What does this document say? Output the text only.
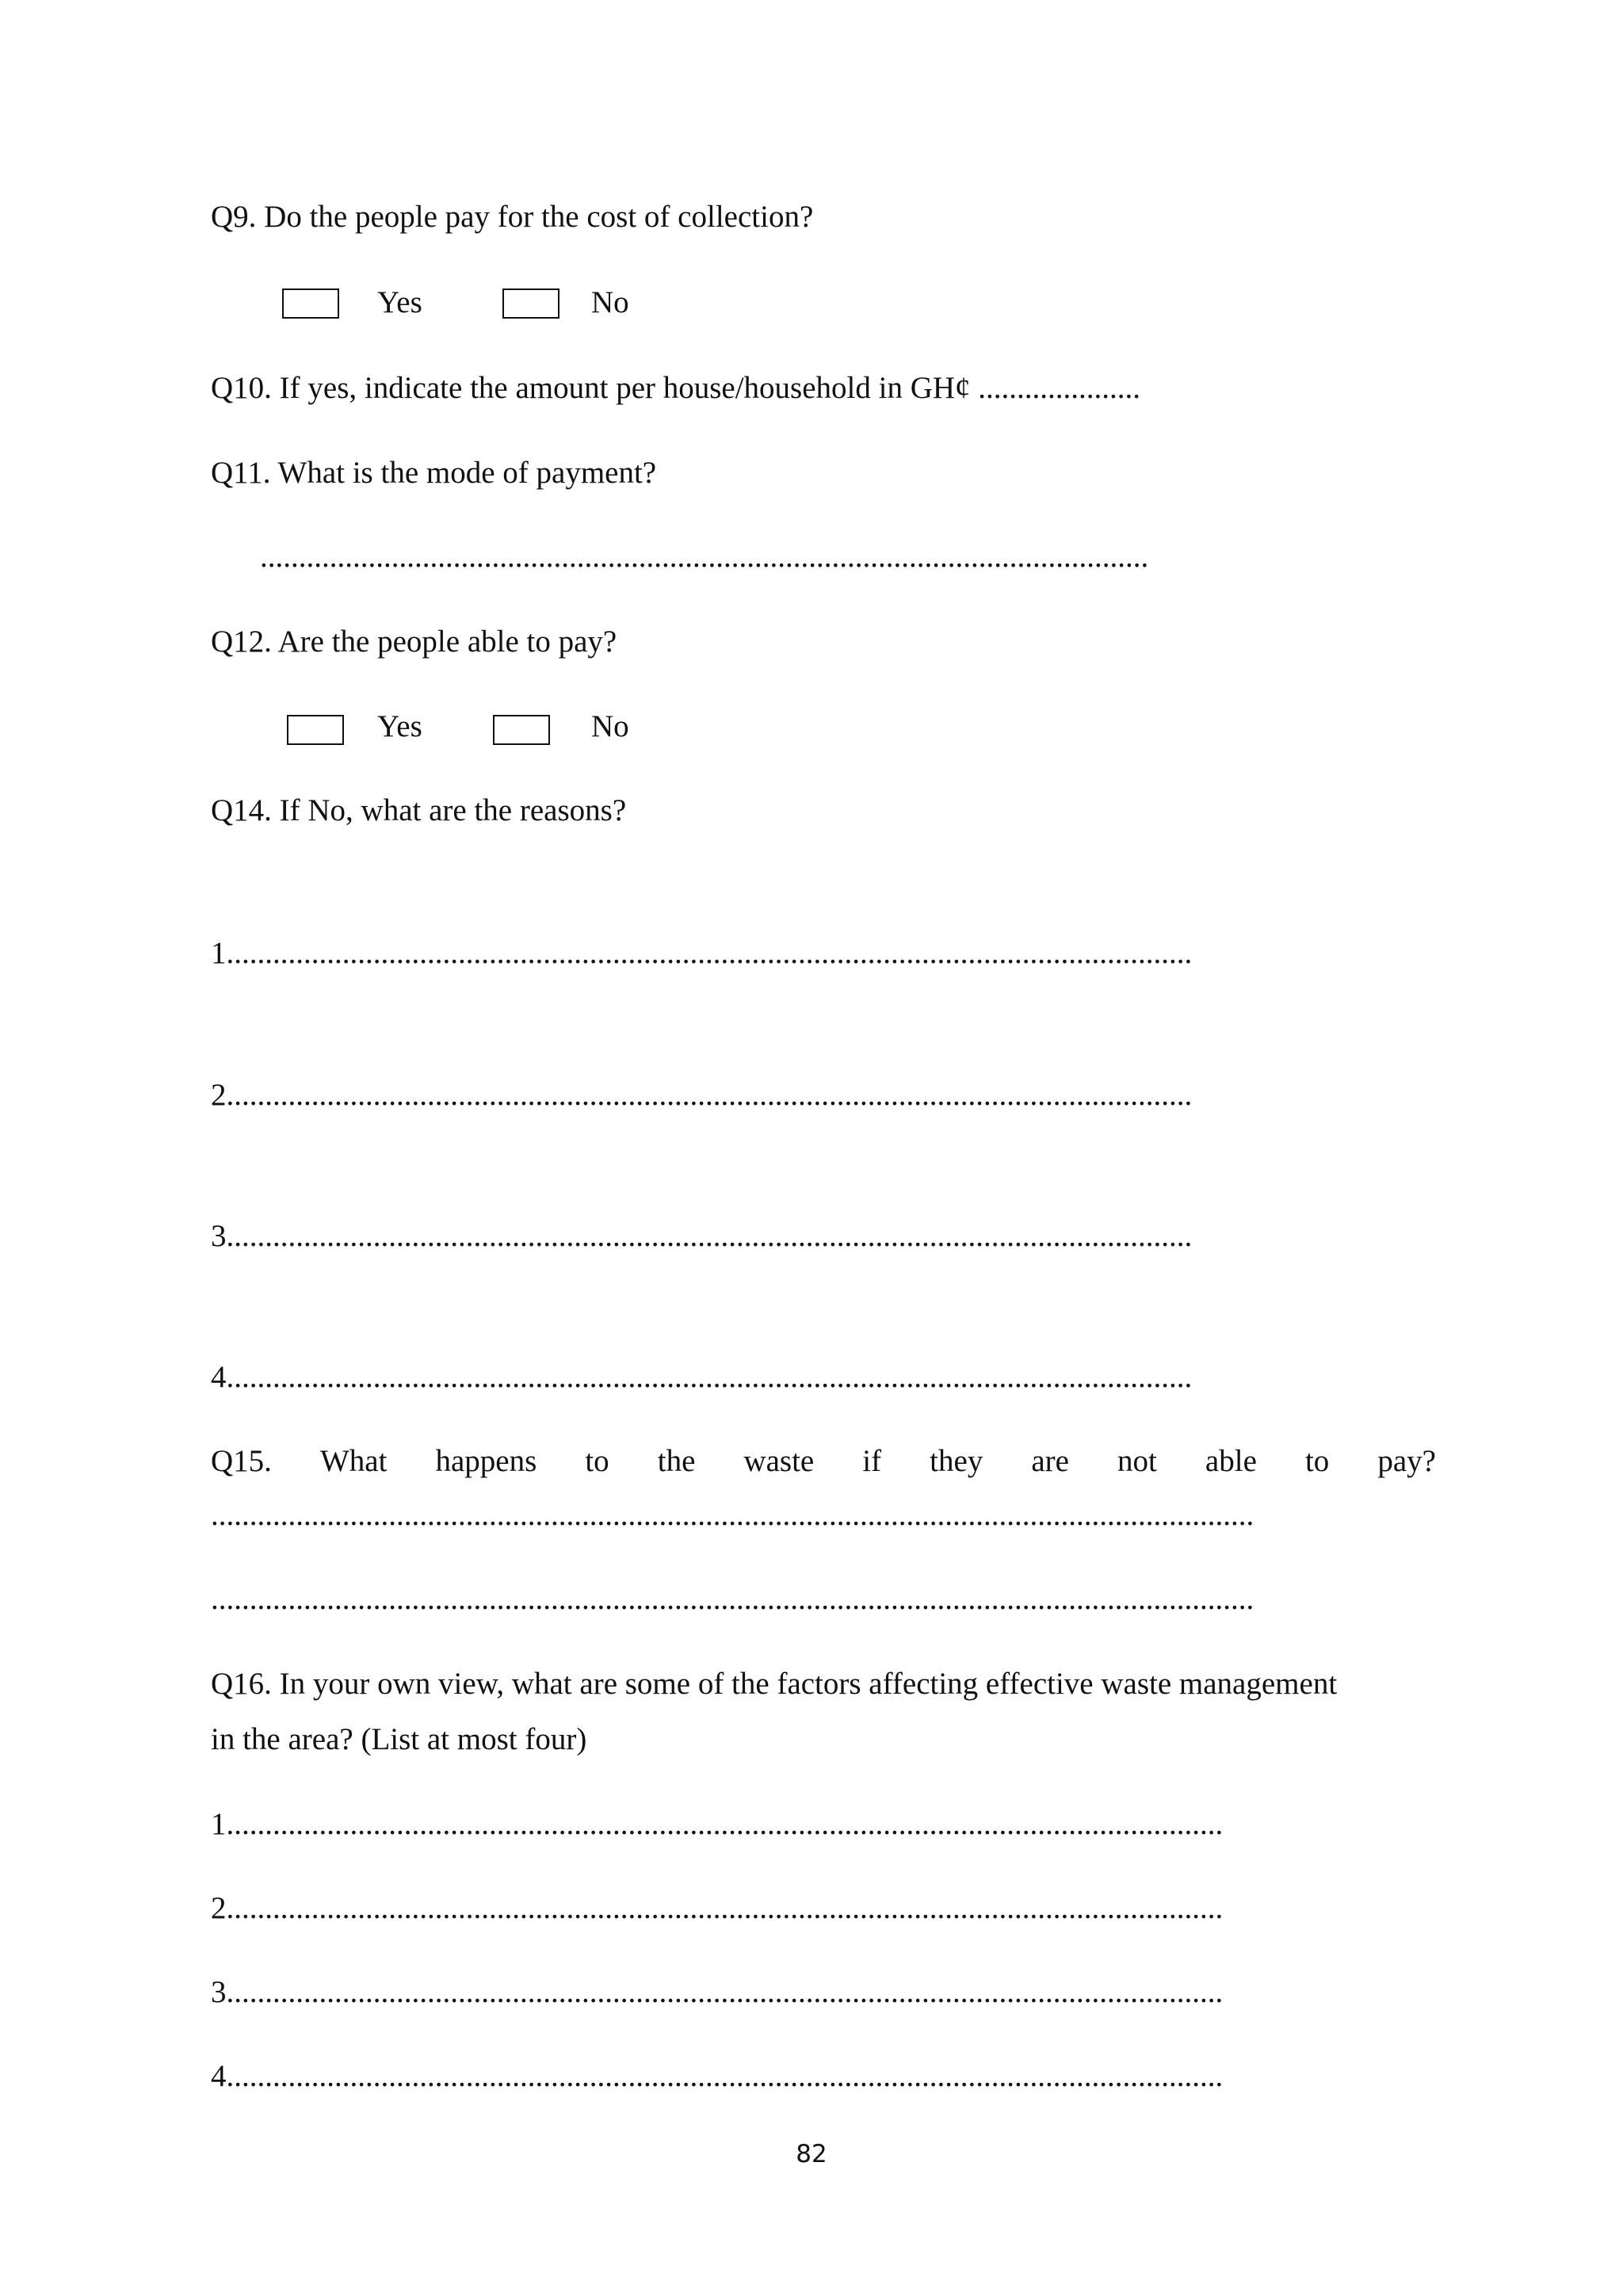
Q9. Do the people pay for the cost of collection?
Yes	No
Q10. If yes, indicate the amount per house/household in GH¢ .....................
Q11. What is the mode of payment?
...................................................................................................................
Q12. Are the people able to pay?
Yes	No
Q14. If No, what are the reasons?
1.............................................................................................................................
2.............................................................................................................................
3.............................................................................................................................
4.............................................................................................................................
Q15. What happens to the waste if they are not able to pay?
.......................................................................................................................................
.......................................................................................................................................
Q16. In your own view, what are some of the factors affecting effective waste management
in the area? (List at most four)
1.................................................................................................................................
2.................................................................................................................................
3.................................................................................................................................
4.................................................................................................................................
82
